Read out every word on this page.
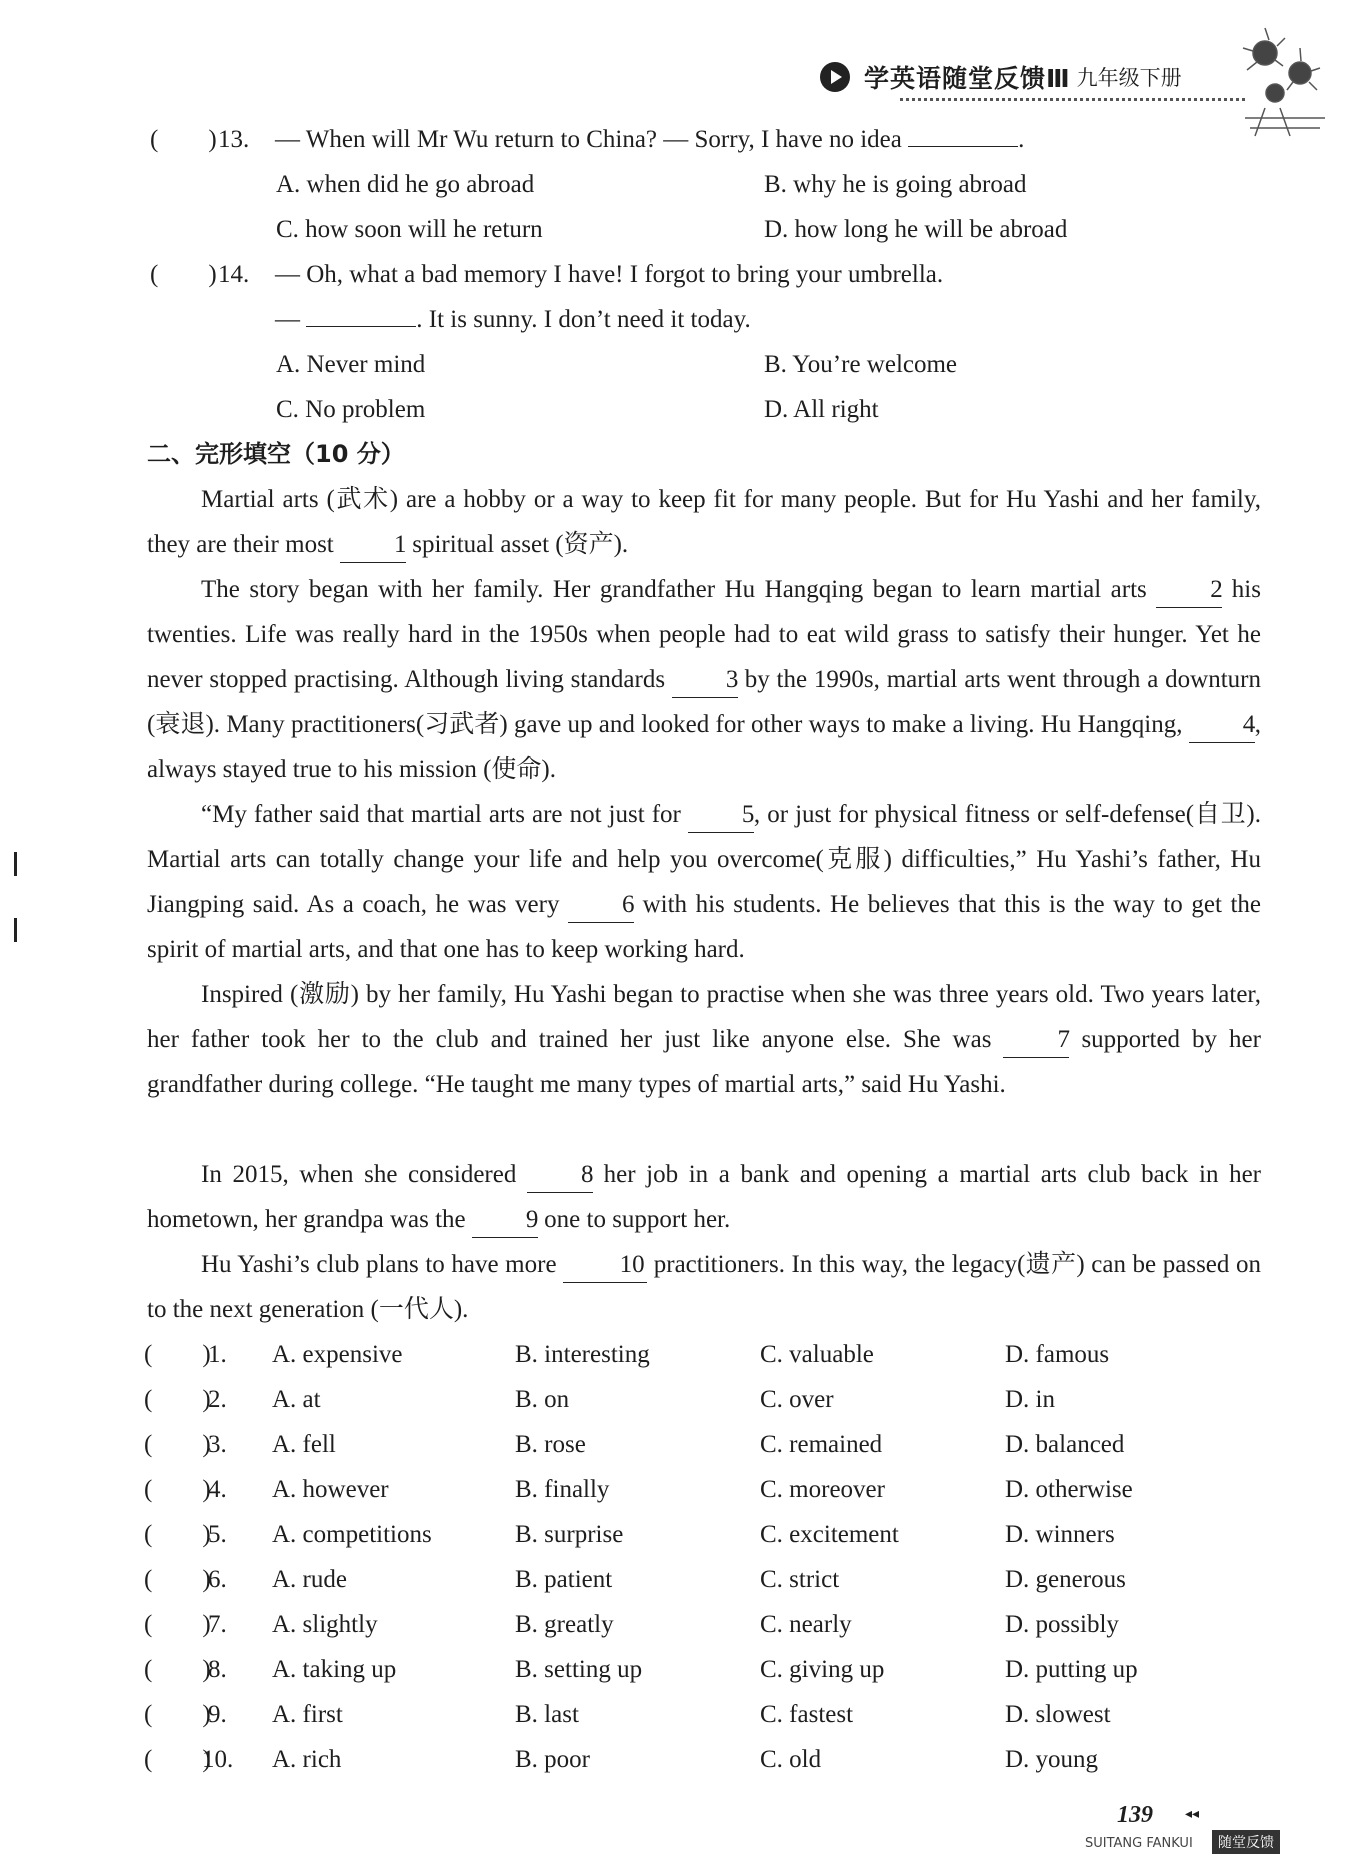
学英语随堂反馈Ⅲ 九年级下册
(　　) 13. — When will Mr Wu return to China? — Sorry, I have no idea	.
A. when did he go abroad	B. why he is going abroad
C. how soon will he return	D. how long he will be abroad
(　　) 14. — Oh, what a bad memory I have! I forgot to bring your umbrella.
—	. It is sunny. I don’t need it today.
A. Never mind	B. You’re welcome
C. No problem	D. All right
二、完形填空（10 分）
Martial arts (武术) are a hobby or a way to keep fit for many people. But for Hu Yashi and her family, they are their most 1 spiritual asset (资产).
The story began with her family. Her grandfather Hu Hangqing began to learn martial arts 2 his twenties. Life was really hard in the 1950s when people had to eat wild grass to satisfy their hunger. Yet he never stopped practising. Although living standards 3 by the 1990s, martial arts went through a downturn (衰退). Many practitioners(习武者) gave up and looked for other ways to make a living. Hu Hangqing, 4, always stayed true to his mission (使命).
“My father said that martial arts are not just for 5, or just for physical fitness or self-defense(自卫). Martial arts can totally change your life and help you overcome(克服) difficulties,” Hu Yashi’s father, Hu Jiangping said. As a coach, he was very 6 with his students. He believes that this is the way to get the spirit of martial arts, and that one has to keep working hard.
Inspired (激励) by her family, Hu Yashi began to practise when she was three years old. Two years later, her father took her to the club and trained her just like anyone else. She was 7 supported by her grandfather during college. “He taught me many types of martial arts,” said Hu Yashi.
In 2015, when she considered 8 her job in a bank and opening a martial arts club back in her hometown, her grandpa was the 9 one to support her.
Hu Yashi’s club plans to have more 10 practitioners. In this way, the legacy(遗产) can be passed on to the next generation (一代人).
(　　)
1. A. expensive	B. interesting	C. valuable	D. famous
(　　)
2. A. at	B. on	C. over	D. in
(　　)
3. A. fell	B. rose	C. remained	D. balanced
(　　)
4. A. however	B. finally	C. moreover	D. otherwise
(　　)
5. A. competitions	B. surprise	C. excitement	D. winners
(　　)
6. A. rude	B. patient	C. strict	D. generous
(　　)
7. A. slightly	B. greatly	C. nearly	D. possibly
(　　)
8. A. taking up	B. setting up	C. giving up	D. putting up
(　　)
9. A. first	B. last	C. fastest	D. slowest
(　　)
10. A. rich	B. poor	C. old	D. young
139 ◂◂
SUITANG FANKUI	随堂反馈
